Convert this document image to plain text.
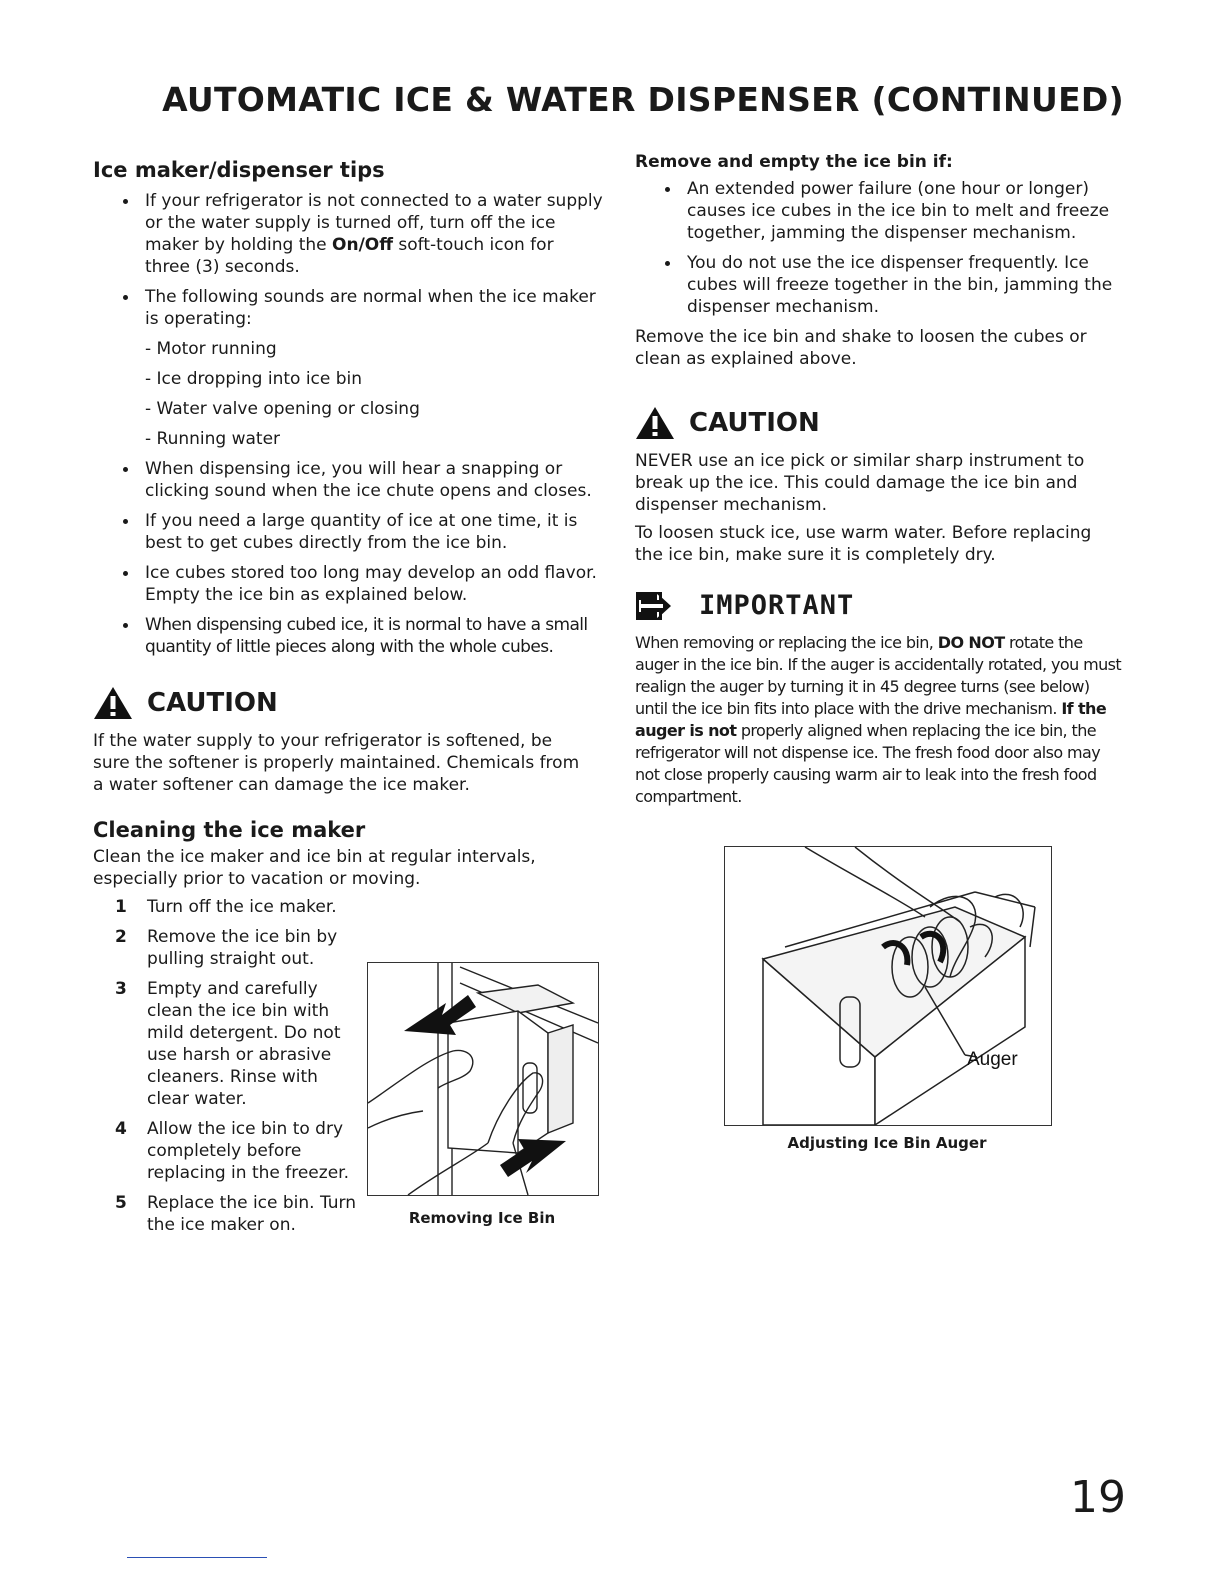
AUTOMATIC ICE & WATER DISPENSER (CONTINUED)
Ice maker/dispenser tips
If your refrigerator is not connected to a water supply or the water supply is turned off, turn off the ice maker by holding the On/Off soft-touch icon for three (3) seconds.
The following sounds are normal when the ice maker is operating:
- Motor running
- Ice dropping into ice bin
- Water valve opening or closing
- Running water
When dispensing ice, you will hear a snapping or clicking sound when the ice chute opens and closes.
If you need a large quantity of ice at one time, it is best to get cubes directly from the ice bin.
Ice cubes stored too long may develop an odd flavor. Empty the ice bin as explained below.
When dispensing cubed ice, it is normal to have a small quantity of little pieces along with the whole cubes.
CAUTION

If the water supply to your refrigerator is softened, be sure the softener is properly maintained. Chemicals from a water softener can damage the ice maker.

Cleaning the ice maker

Clean the ice maker and ice bin at regular intervals, especially prior to vacation or moving.

1 Turn off the ice maker.
2 Remove the ice bin by pulling straight out.
3 Empty and carefully clean the ice bin with mild detergent. Do not use harsh or abrasive cleaners. Rinse with clear water.
4 Allow the ice bin to dry completely before replacing in the freezer.
5 Replace the ice bin. Turn the ice maker on.	Removing Ice Bin
Remove and empty the ice bin if:
An extended power failure (one hour or longer) causes ice cubes in the ice bin to melt and freeze together, jamming the dispenser mechanism.
You do not use the ice dispenser frequently. Ice cubes will freeze together in the bin, jamming the dispenser mechanism.

Remove the ice bin and shake to loosen the cubes or clean as explained above.

CAUTION

NEVER use an ice pick or similar sharp instrument to break up the ice. This could damage the ice bin and dispenser mechanism.

To loosen stuck ice, use warm water. Before replacing the ice bin, make sure it is completely dry.

IMPORTANT

When removing or replacing the ice bin, DO NOT rotate the auger in the ice bin. If the auger is accidentally rotated, you must realign the auger by turning it in 45 degree turns (see below) until the ice bin fits into place with the drive mechanism. If the auger is not properly aligned when replacing the ice bin, the refrigerator will not dispense ice. The fresh food door also may not close properly causing warm air to leak into the fresh food compartment.

Auger
Adjusting Ice Bin Auger
19
